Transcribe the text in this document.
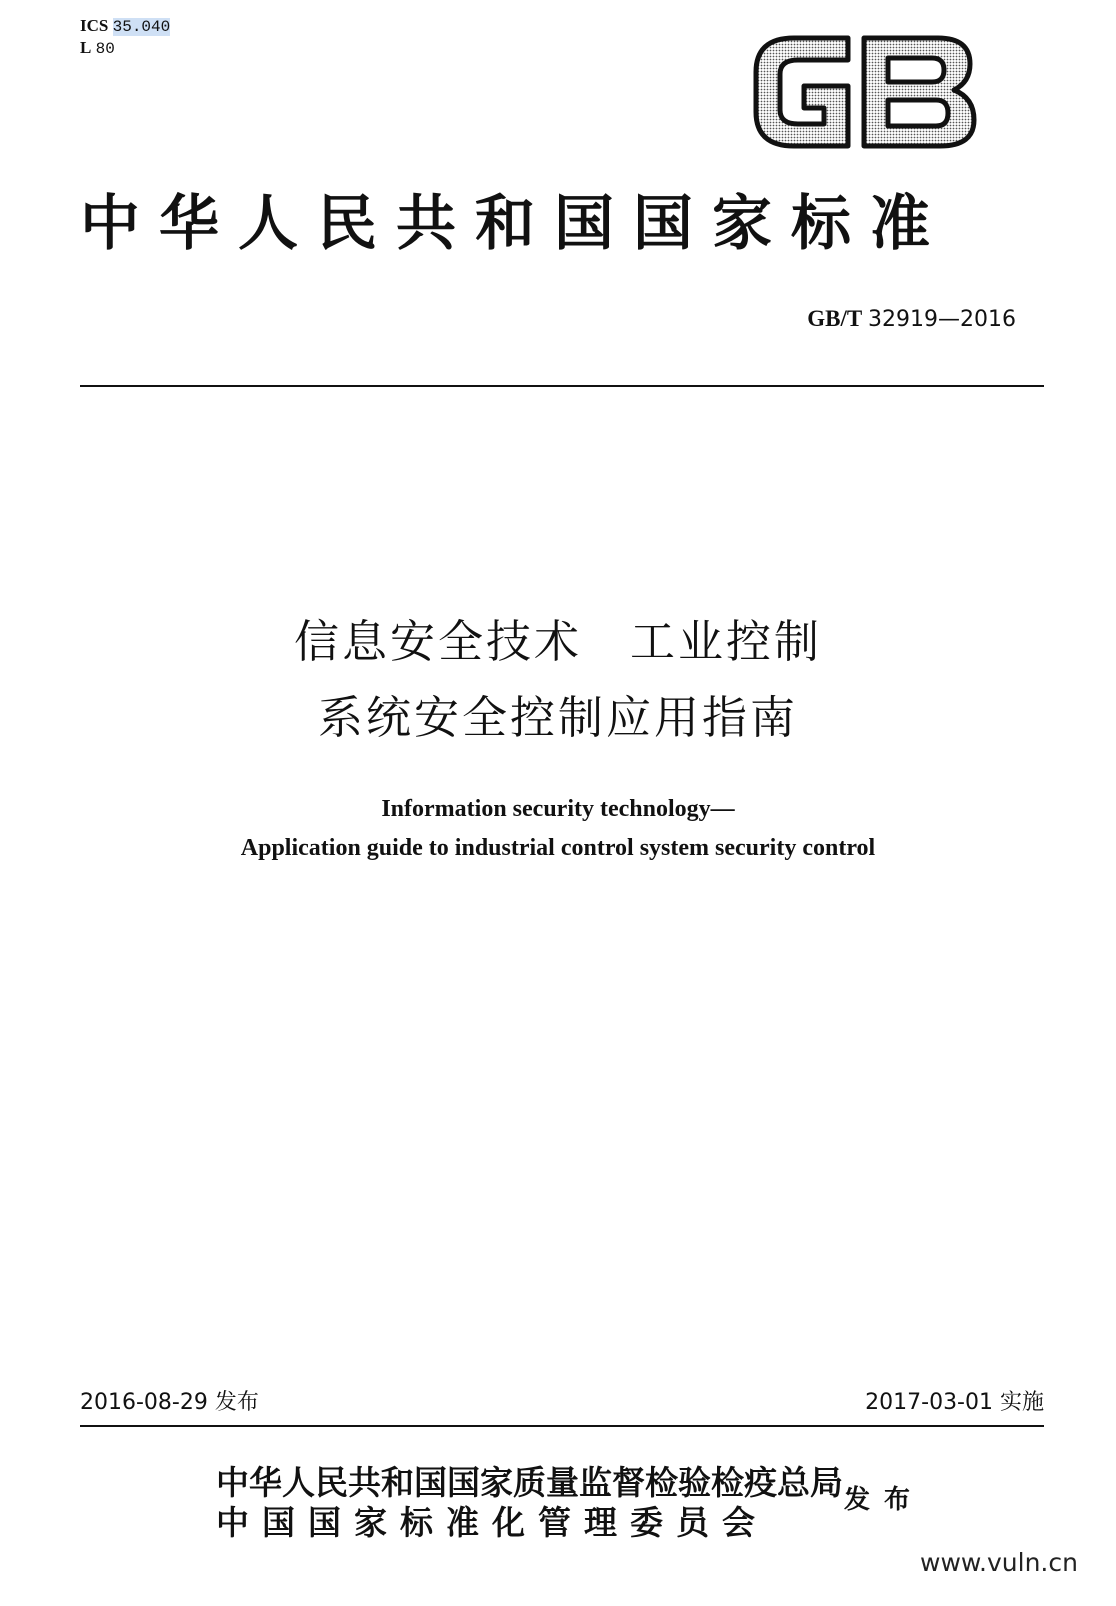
ICS 35.040
L 80
中华人民共和国国家标准
GB/T 32919—2016
信息安全技术　工业控制
系统安全控制应用指南
Information security technology—
Application guide to industrial control system security control
2016-08-29 发布	2017-03-01 实施
中华人民共和国国家质量监督检验检疫总局
中国国家标准化管理委员会
发布
www.vuln.cn
